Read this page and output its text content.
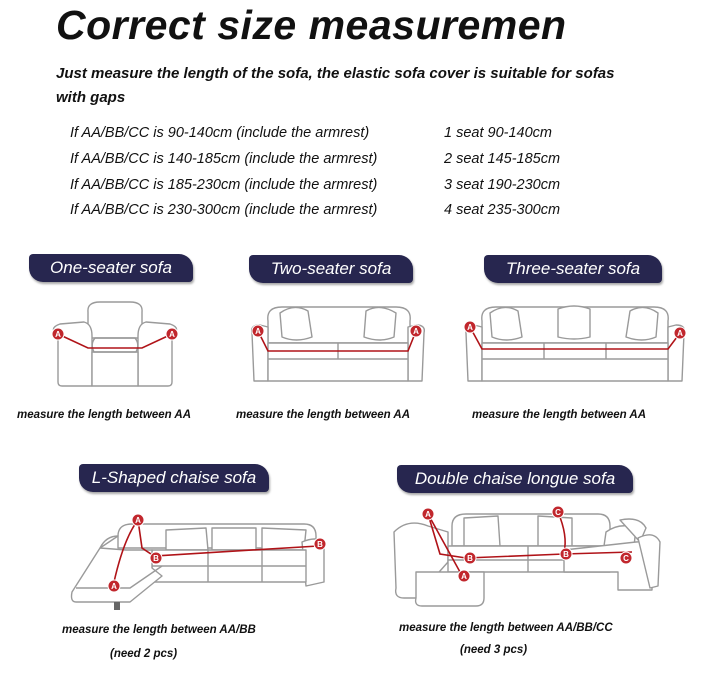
Correct size measuremen
Just measure the length of the sofa, the elastic sofa cover is suitable for sofas
with gaps
If AA/BB/CC is 90-140cm (include the armrest)	1 seat 90-140cm
If AA/BB/CC is 140-185cm (include the armrest)	2 seat 145-185cm
If AA/BB/CC is 185-230cm (include the armrest)	3 seat 190-230cm
If AA/BB/CC is 230-300cm (include the armrest)	4 seat 235-300cm
One-seater sofa
A	A
measure the length between AA
Two-seater sofa
A	A
measure the length between AA
Three-seater sofa
A
A
measure the length between AA
L-Shaped chaise sofa
A
A
B
B
measure the length between AA/BB
(need 2 pcs)
Double chaise longue sofa
A
A
B	B
C
C
measure the length between AA/BB/CC
(need 3 pcs)
